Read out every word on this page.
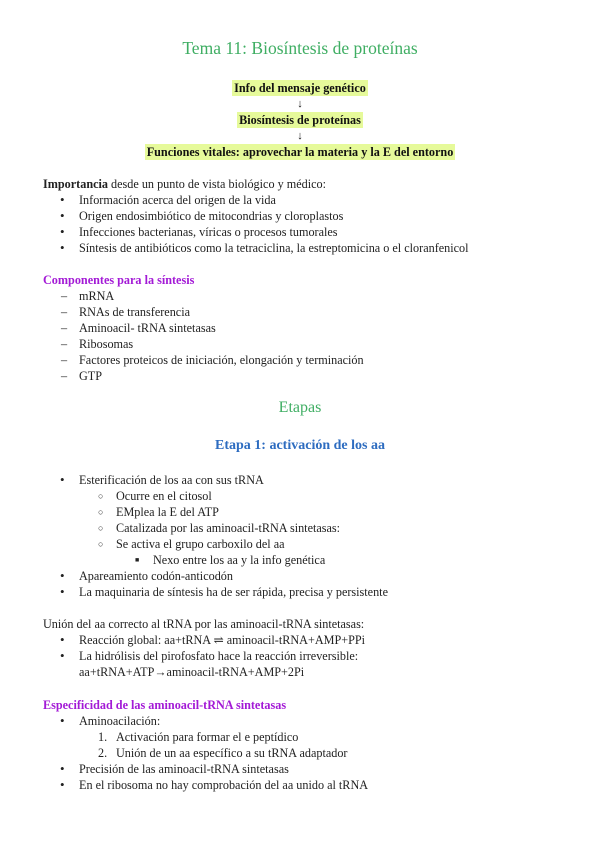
Tema 11: Biosíntesis de proteínas
Info del mensaje genético
↓
Biosíntesis de proteínas
↓
Funciones vitales: aprovechar la materia y la E del entorno

Importancia desde un punto de vista biológico y médico:

• Información acerca del origen de la vida
• Origen endosimbiótico de mitocondrias y cloroplastos
• Infecciones bacterianas, víricas o procesos tumorales
• Síntesis de antibióticos como la tetraciclina, la estreptomicina o el cloranfenicol

Componentes para la síntesis

– mRNA
– RNAs de transferencia
– Aminoacil- tRNA sintetasas
– Ribosomas
– Factores proteicos de iniciación, elongación y terminación
– GTP
Etapas
Etapa 1: activación de los aa
• Esterificación de los aa con sus tRNA
○ Ocurre en el citosol
○ EMplea la E del ATP
○ Catalizada por las aminoacil-tRNA sintetasas:
○ Se activa el grupo carboxilo del aa
■ Nexo entre los aa y la info genética
• Apareamiento codón-anticodón
• La maquinaria de síntesis ha de ser rápida, precisa y persistente

Unión del aa correcto al tRNA por las aminoacil-tRNA sintetasas:

• Reacción global: aa+tRNA ⇌ aminoacil-tRNA+AMP+PPi
• La hidrólisis del pirofosfato hace la reacción irreversible:
aa+tRNA+ATP→aminoacil-tRNA+AMP+2Pi

Especificidad de las aminoacil-tRNA sintetasas

• Aminoacilación:
1. Activación para formar el e peptídico
2. Unión de un aa específico a su tRNA adaptador
• Precisión de las aminoacil-tRNA sintetasas
• En el ribosoma no hay comprobación del aa unido al tRNA
